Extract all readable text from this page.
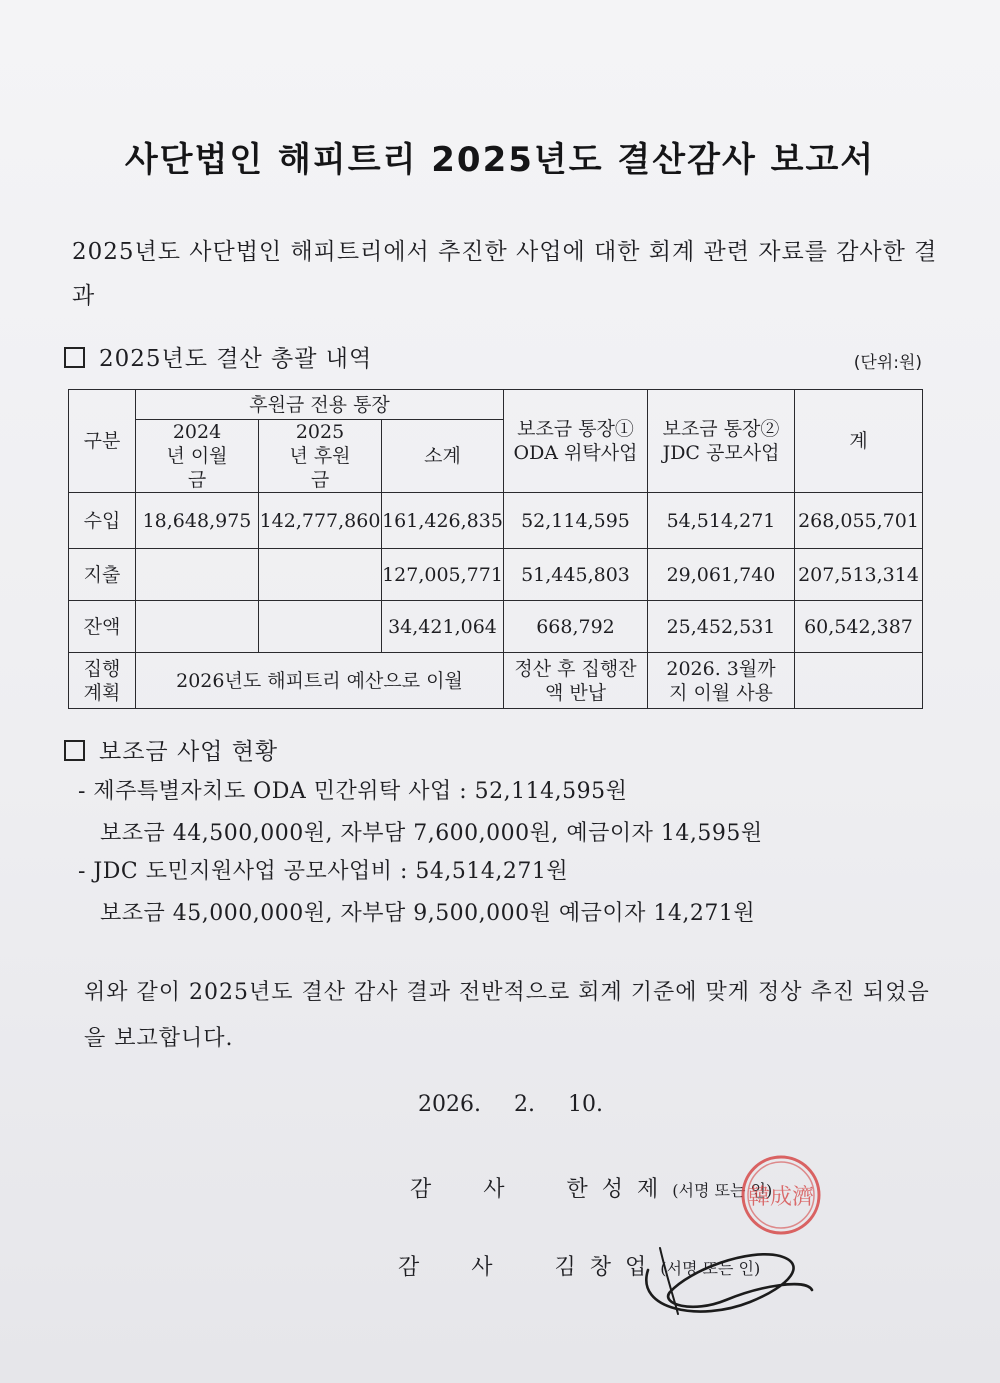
사단법인 해피트리 2025년도 결산감사 보고서
2025년도 사단법인 해피트리에서 추진한 사업에 대한 회계 관련 자료를 감사한 결과
2025년도 결산 총괄 내역	(단위:원)
구분	후원금 전용 통장			보조금 통장① ODA 위탁사업	보조금 통장② JDC 공모사업	계
	2024년 이월금	2025년 후원금	소계			
수입	18,648,975	142,777,860	161,426,835	52,114,595	54,514,271	268,055,701
지출			127,005,771	51,445,803	29,061,740	207,513,314
잔액			34,421,064	668,792	25,452,531	60,542,387
집행 계획	2026년도 해피트리 예산으로 이월			정산 후 집행잔액 반납	2026. 3월까지 이월 사용	
보조금 사업 현황
- 제주특별자치도 ODA 민간위탁 사업 : 52,114,595원
보조금 44,500,000원, 자부담 7,600,000원, 예금이자 14,595원
- JDC 도민지원사업 공모사업비 : 54,514,271원
보조금 45,000,000원, 자부담 9,500,000원 예금이자 14,271원
위와 같이 2025년도 결산 감사 결과 전반적으로 회계 기준에 맞게 정상 추진 되었음을 보고합니다.
2026. 2. 10.
감사 한성제(서명 또는 인)
감사 김창업(서명 또는 인)
韓成濟
